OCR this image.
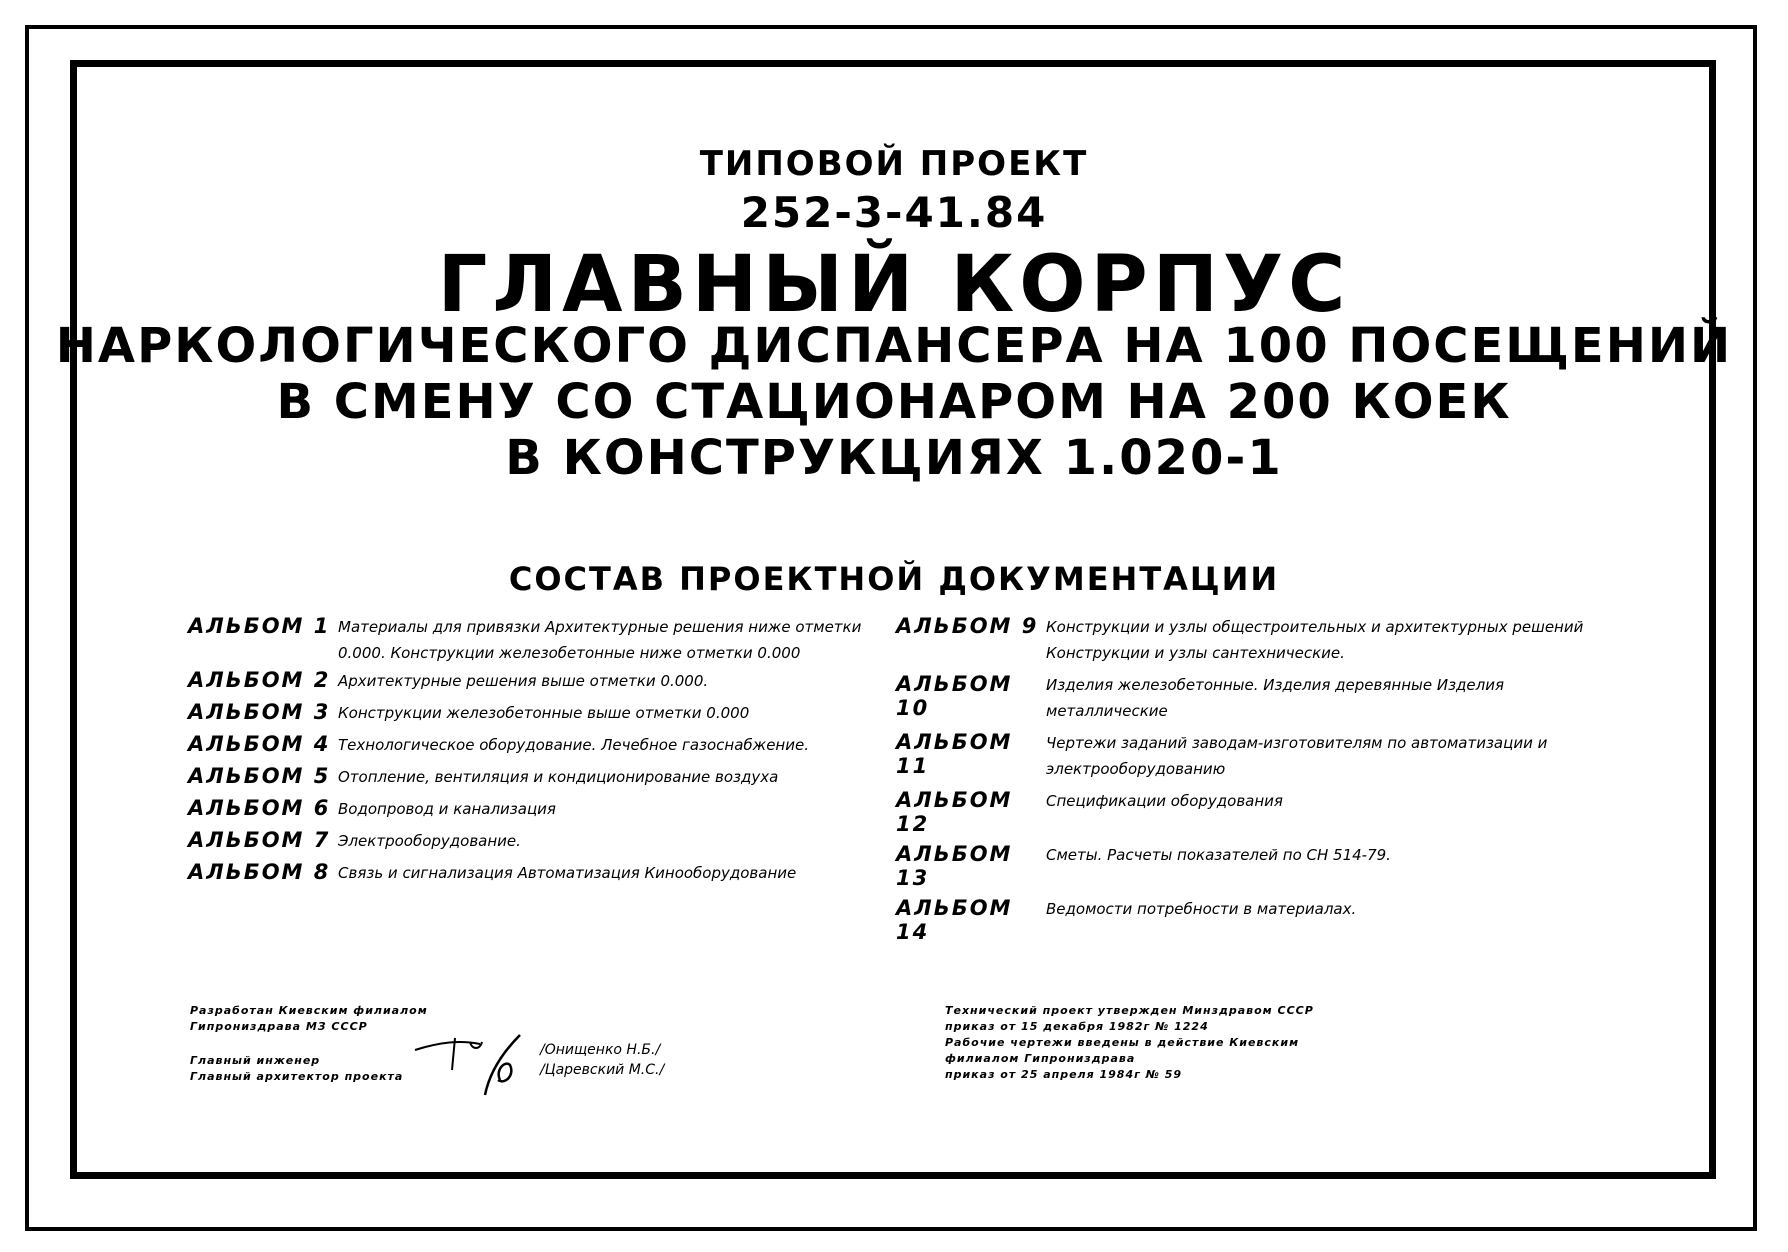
ТИПОВОЙ ПРОЕКТ
252-3-41.84
ГЛАВНЫЙ КОРПУС
НАРКОЛОГИЧЕСКОГО ДИСПАНСЕРА НА 100 ПОСЕЩЕНИЙ
В СМЕНУ СО СТАЦИОНАРОМ НА 200 КОЕК
В КОНСТРУКЦИЯХ 1.020-1
СОСТАВ ПРОЕКТНОЙ ДОКУМЕНТАЦИИ
АЛЬБОМ 1 Материалы для привязки Архитектурные решения ниже отметки 0.000. Конструкции железобетонные ниже отметки 0.000
АЛЬБОМ 2 Архитектурные решения выше отметки 0.000.
АЛЬБОМ 3 Конструкции железобетонные выше отметки 0.000
АЛЬБОМ 4 Технологическое оборудование. Лечебное газоснабжение.
АЛЬБОМ 5 Отопление, вентиляция и кондиционирование воздуха
АЛЬБОМ 6 Водопровод и канализация
АЛЬБОМ 7 Электрооборудование.
АЛЬБОМ 8 Связь и сигнализация Автоматизация Кинооборудование
АЛЬБОМ 9 Конструкции и узлы общестроительных и архитектурных решений Конструкции и узлы сантехнические.
АЛЬБОМ 10
Изделия железобетонные. Изделия деревянные Изделия металлические
АЛЬБОМ 11
Чертежи заданий заводам-изготовителям по автоматизации и электрооборудованию
АЛЬБОМ 12
Спецификации оборудования
АЛЬБОМ 13
Сметы. Расчеты показателей по СН 514-79.
АЛЬБОМ 14
Ведомости потребности в материалах.
Разработан Киевским филиалом
Гипрониздрава МЗ СССР
Главный инженер
Главный архитектор проекта
/Онищенко Н.Б./
/Царевский М.С./
Технический проект утвержден Минздравом СССР
приказ от 15 декабря 1982г № 1224
Рабочие чертежи введены в действие Киевским
филиалом Гипрониздрава
приказ от 25 апреля 1984г № 59
